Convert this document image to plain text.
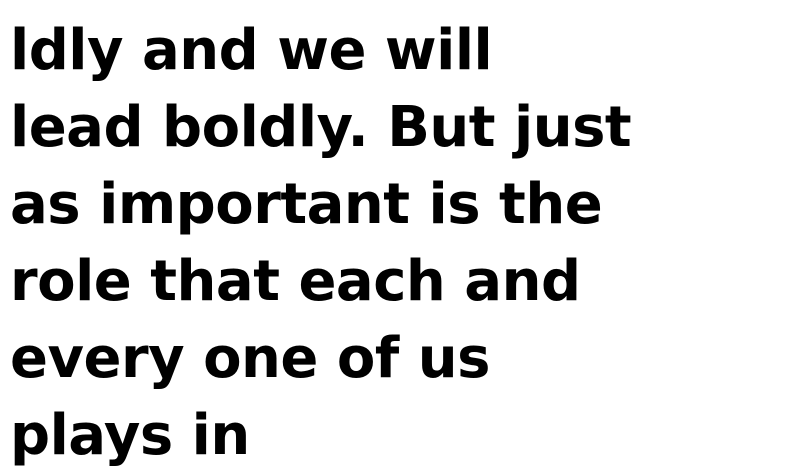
ldly and we will
lead boldly. But just
as important is the
role that each and
every one of us
plays in
